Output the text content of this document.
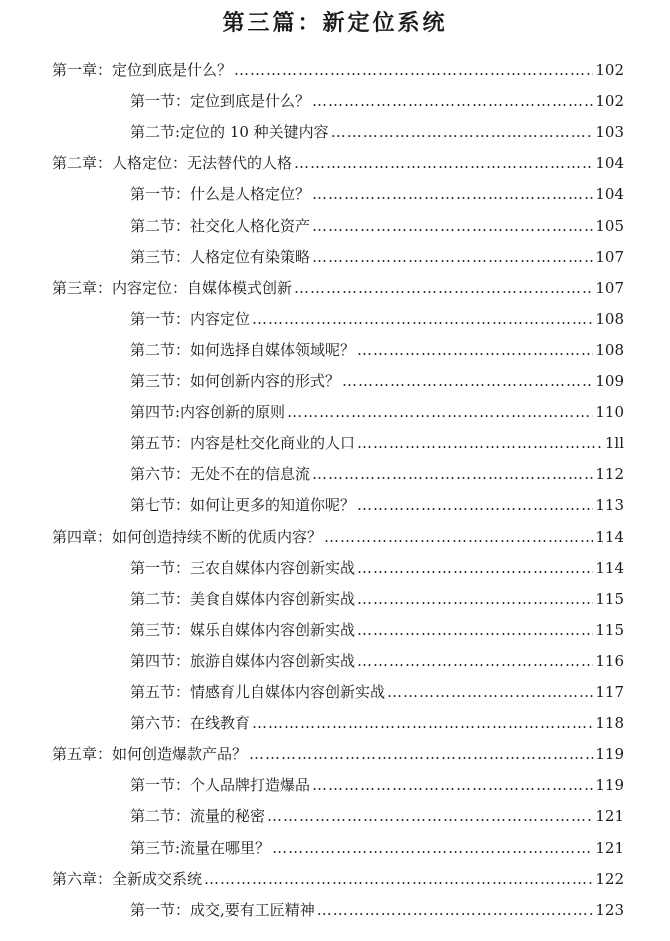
第三篇：新定位系统
第一章：定位到底是什么？ ……………………………………………………………………………………………………………………………………………………	102
第一节：定位到底是什么？ ……………………………………………………………………………………………………………………………………………………	102
第二节:定位的 10 种关键内容 ……………………………………………………………………………………………………………………………………………………	103
第二章：人格定位：无法替代的人格 ……………………………………………………………………………………………………………………………………………………	104
第一节：什么是人格定位？ ……………………………………………………………………………………………………………………………………………………	104
第二节：社交化人格化资产 ……………………………………………………………………………………………………………………………………………………	105
第三节：人格定位有染策略 ……………………………………………………………………………………………………………………………………………………	107
第三章：内容定位：自媒体模式创新 ……………………………………………………………………………………………………………………………………………………	107
第一节：内容定位 ……………………………………………………………………………………………………………………………………………………	108
第二节：如何选择自媒体领域呢？ ……………………………………………………………………………………………………………………………………………………	108
第三节：如何创新内容的形式？ ……………………………………………………………………………………………………………………………………………………	109
第四节:内容创新的原则 ……………………………………………………………………………………………………………………………………………………	110
第五节：内容是杜交化商业的人口 ……………………………………………………………………………………………………………………………………………………	1ll
第六节：无处不在的信息流 ……………………………………………………………………………………………………………………………………………………	112
第七节：如何让更多的知道你呢？ ……………………………………………………………………………………………………………………………………………………	113
第四章：如何创造持续不断的优质内容？ ……………………………………………………………………………………………………………………………………………………	114
第一节：三农自媒体内容创新实战 ……………………………………………………………………………………………………………………………………………………	114
第二节：美食自媒体内容创新实战 ……………………………………………………………………………………………………………………………………………………	115
第三节：媒乐自媒体内容创新实战 ……………………………………………………………………………………………………………………………………………………	115
第四节：旅游自媒体内容创新实战 ……………………………………………………………………………………………………………………………………………………	116
第五节：情感育儿自媒体内容创新实战 ……………………………………………………………………………………………………………………………………………………	117
第六节：在线教育 ……………………………………………………………………………………………………………………………………………………	118
第五章：如何创造爆款产品？ ……………………………………………………………………………………………………………………………………………………	119
第一节：个人品牌打造爆品 ……………………………………………………………………………………………………………………………………………………	119
第二节：流量的秘密 ……………………………………………………………………………………………………………………………………………………	121
第三节:流量在哪里？ ……………………………………………………………………………………………………………………………………………………	121
第六章：全新成交系统 ……………………………………………………………………………………………………………………………………………………	122
第一节：成交,要有工匠精神 ……………………………………………………………………………………………………………………………………………………	123
